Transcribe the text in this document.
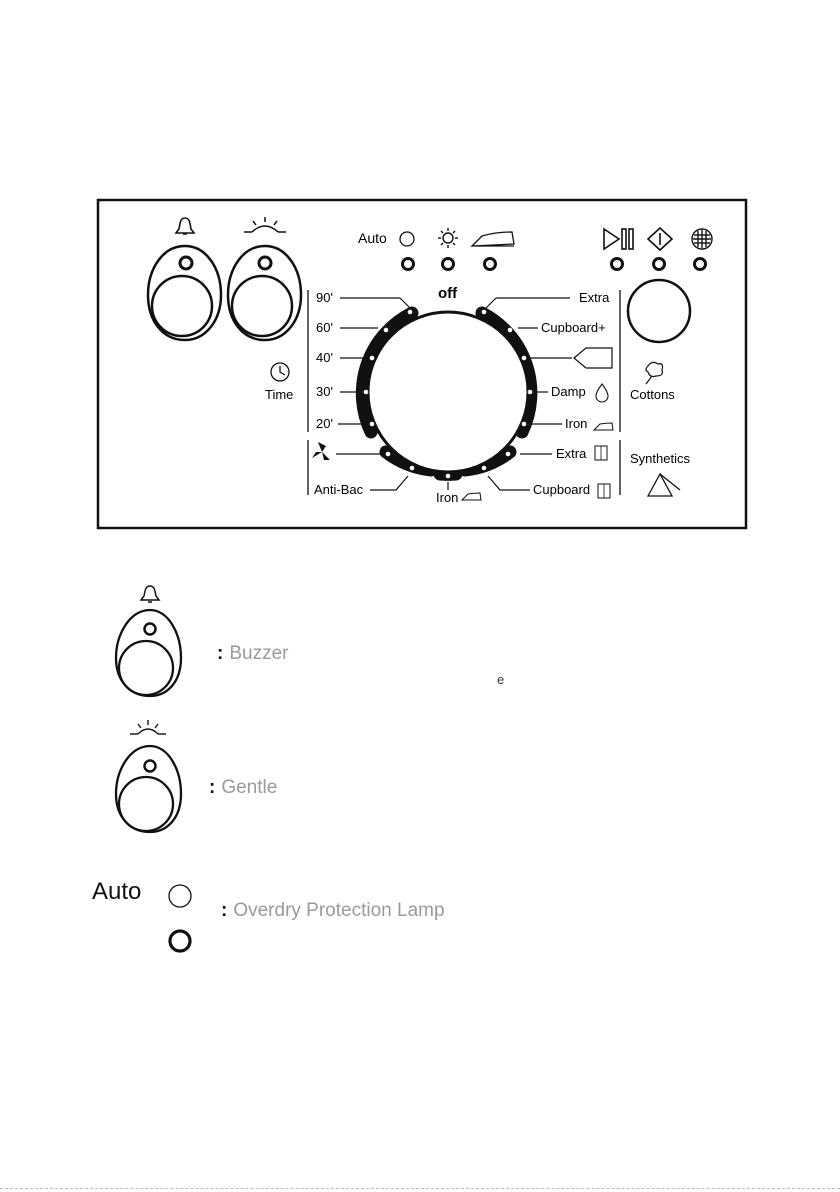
Auto
Time
off
90'
60'
40'
30'
20'
Anti-Bac
Iron
Extra
Cupboard+
Damp
Iron
Extra
Cupboard
Cottons
Synthetics
: Buzzer
e
: Gentle
Auto
: Overdry Protection Lamp
